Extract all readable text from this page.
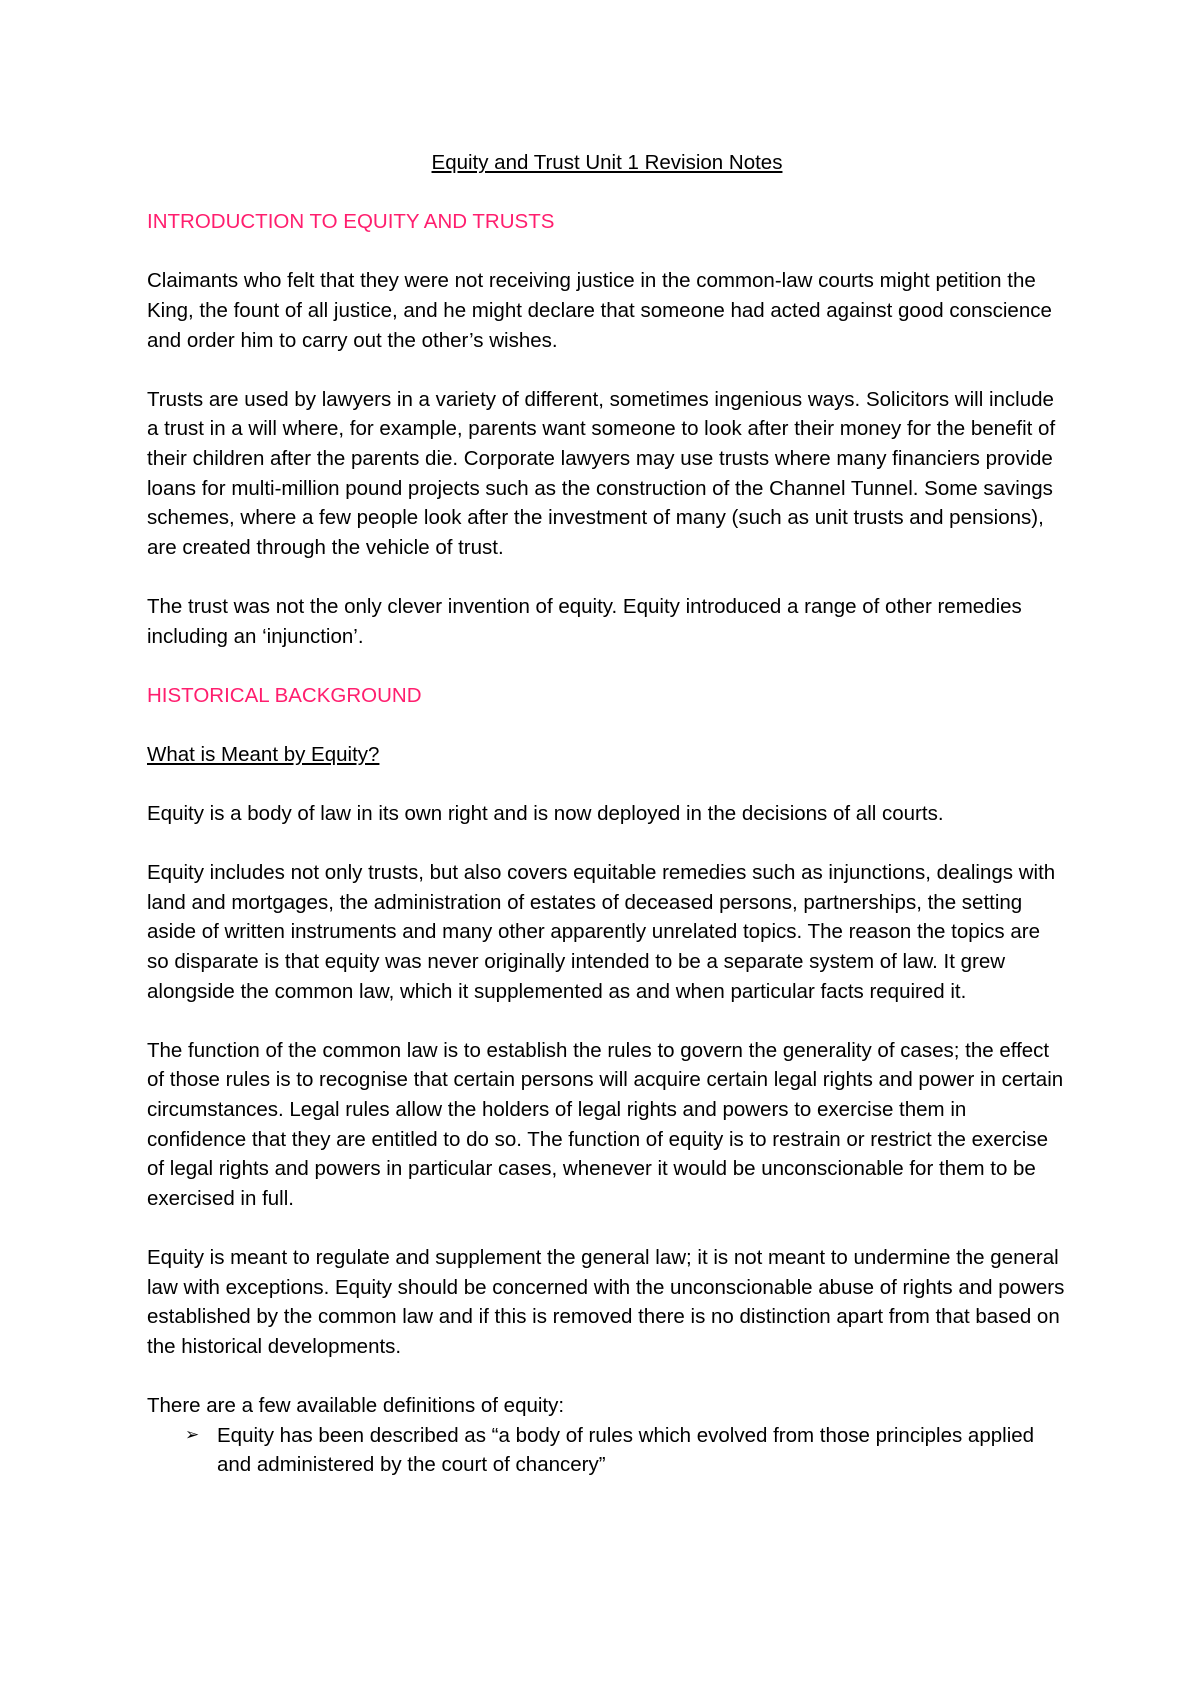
Equity and Trust Unit 1 Revision Notes
INTRODUCTION TO EQUITY AND TRUSTS

Claimants who felt that they were not receiving justice in the common-law courts might petition the King, the fount of all justice, and he might declare that someone had acted against good conscience and order him to carry out the other’s wishes.

Trusts are used by lawyers in a variety of different, sometimes ingenious ways. Solicitors will include a trust in a will where, for example, parents want someone to look after their money for the benefit of their children after the parents die. Corporate lawyers may use trusts where many financiers provide loans for multi-million pound projects such as the construction of the Channel Tunnel. Some savings schemes, where a few people look after the investment of many (such as unit trusts and pensions), are created through the vehicle of trust.

The trust was not the only clever invention of equity. Equity introduced a range of other remedies including an ‘injunction’.

HISTORICAL BACKGROUND
What is Meant by Equity?

Equity is a body of law in its own right and is now deployed in the decisions of all courts.

Equity includes not only trusts, but also covers equitable remedies such as injunctions, dealings with land and mortgages, the administration of estates of deceased persons, partnerships, the setting aside of written instruments and many other apparently unrelated topics. The reason the topics are so disparate is that equity was never originally intended to be a separate system of law. It grew alongside the common law, which it supplemented as and when particular facts required it.

The function of the common law is to establish the rules to govern the generality of cases; the effect of those rules is to recognise that certain persons will acquire certain legal rights and power in certain circumstances. Legal rules allow the holders of legal rights and powers to exercise them in confidence that they are entitled to do so. The function of equity is to restrain or restrict the exercise of legal rights and powers in particular cases, whenever it would be unconscionable for them to be exercised in full.

Equity is meant to regulate and supplement the general law; it is not meant to undermine the general law with exceptions. Equity should be concerned with the unconscionable abuse of rights and powers established by the common law and if this is removed there is no distinction apart from that based on the historical developments.

There are a few available definitions of equity:

➢ Equity has been described as “a body of rules which evolved from those principles applied and administered by the court of chancery”
